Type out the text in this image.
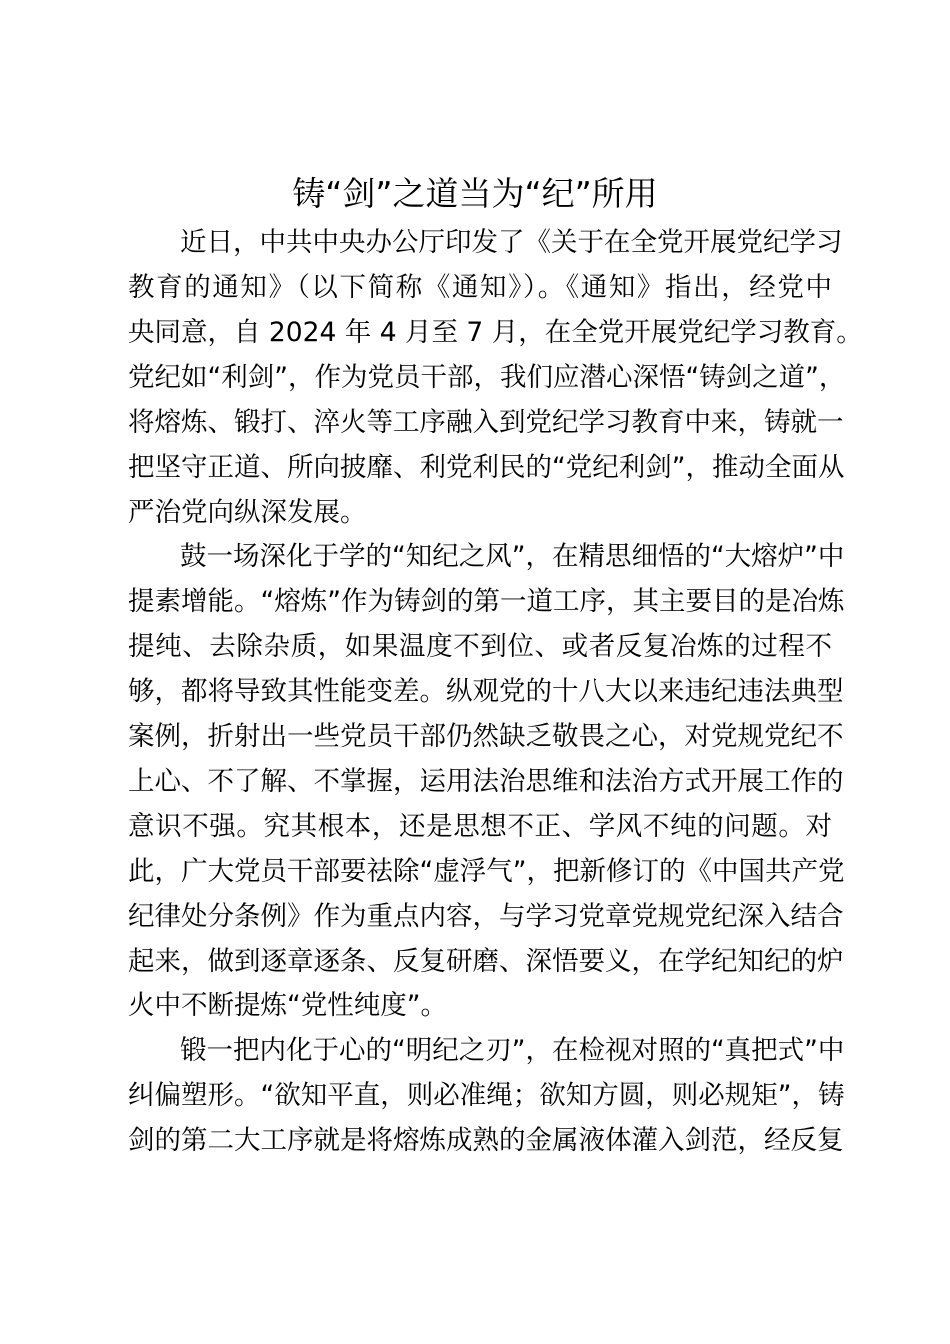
铸“剑”之道当为“纪”所用
近日，中共中央办公厅印发了《关于在全党开展党纪学习
教育的通知》（以下简称《通知》）。《通知》指出，经党中
央同意，自 2024 年 4 月至 7 月，在全党开展党纪学习教育。
党纪如“利剑”，作为党员干部，我们应潜心深悟“铸剑之道”，
将熔炼、锻打、淬火等工序融入到党纪学习教育中来，铸就一
把坚守正道、所向披靡、利党利民的“党纪利剑”，推动全面从
严治党向纵深发展。
鼓一场深化于学的“知纪之风”，在精思细悟的“大熔炉”中
提素增能。“熔炼”作为铸剑的第一道工序，其主要目的是冶炼
提纯、去除杂质，如果温度不到位、或者反复冶炼的过程不
够，都将导致其性能变差。纵观党的十八大以来违纪违法典型
案例，折射出一些党员干部仍然缺乏敬畏之心，对党规党纪不
上心、不了解、不掌握，运用法治思维和法治方式开展工作的
意识不强。究其根本，还是思想不正、学风不纯的问题。对
此，广大党员干部要祛除“虚浮气”，把新修订的《中国共产党
纪律处分条例》作为重点内容，与学习党章党规党纪深入结合
起来，做到逐章逐条、反复研磨、深悟要义，在学纪知纪的炉
火中不断提炼“党性纯度”。
锻一把内化于心的“明纪之刃”，在检视对照的“真把式”中
纠偏塑形。“欲知平直，则必准绳；欲知方圆，则必规矩”，铸
剑的第二大工序就是将熔炼成熟的金属液体灌入剑范，经反复
